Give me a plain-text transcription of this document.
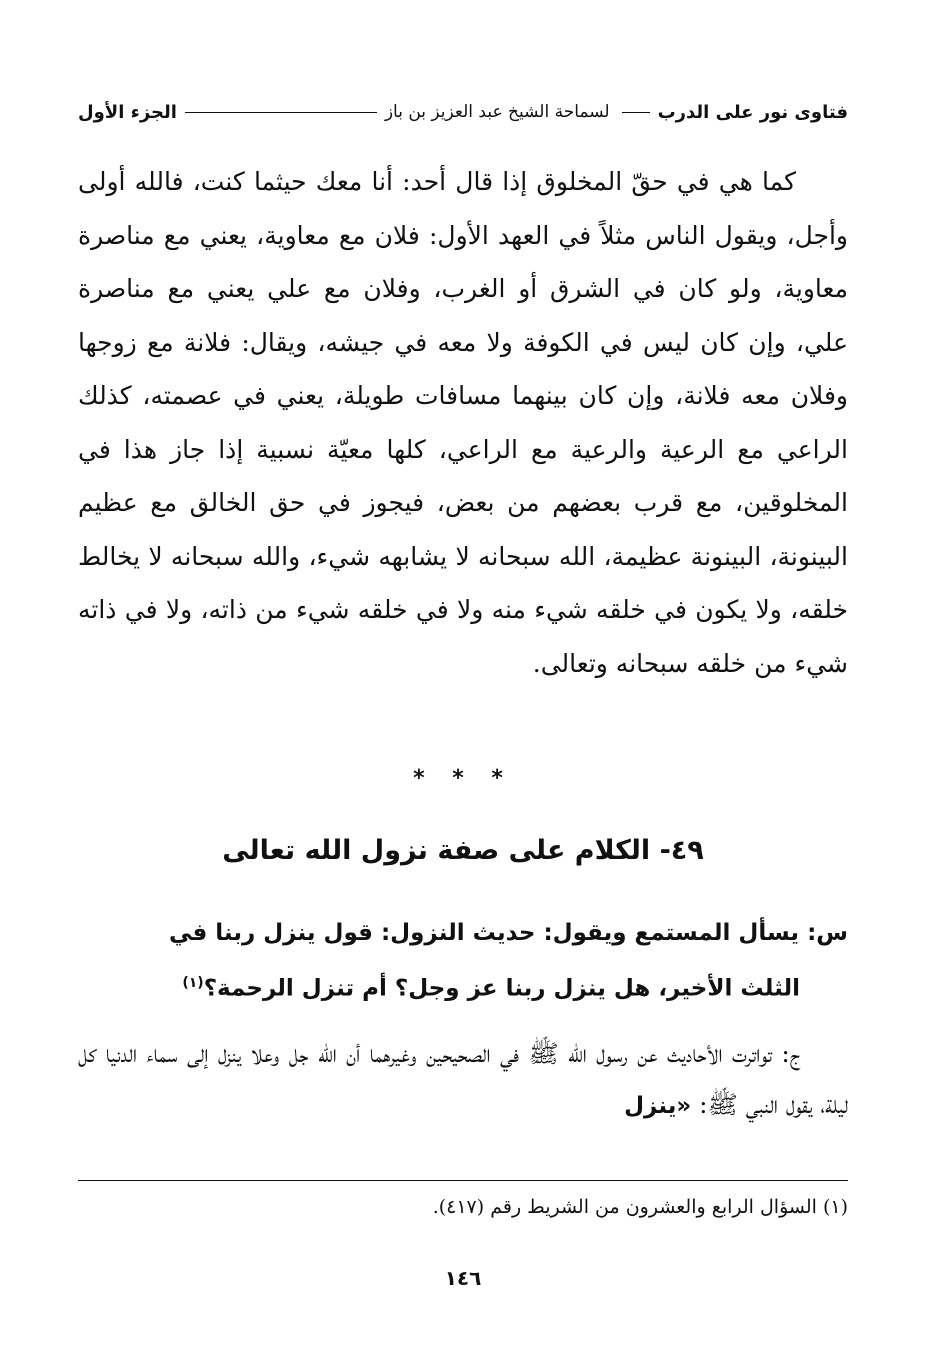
فتاوى نور على الدرب
لسماحة الشيخ عبد العزيز بن باز
الجزء الأول

كما هي في حقّ المخلوق إذا قال أحد: أنا معك حيثما كنت، فالله أولى وأجل، ويقول الناس مثلاً في العهد الأول: فلان مع معاوية، يعني مع مناصرة معاوية، ولو كان في الشرق أو الغرب، وفلان مع علي يعني مع مناصرة علي، وإن كان ليس في الكوفة ولا معه في جيشه، ويقال: فلانة مع زوجها وفلان معه فلانة، وإن كان بينهما مسافات طويلة، يعني في عصمته، كذلك الراعي مع الرعية والرعية مع الراعي، كلها معيّة نسبية إذا جاز هذا في المخلوقين، مع قرب بعضهم من بعض، فيجوز في حق الخالق مع عظيم البينونة، البينونة عظيمة، الله سبحانه لا يشابهه شيء، والله سبحانه لا يخالط خلقه، ولا يكون في خلقه شيء منه ولا في خلقه شيء من ذاته، ولا في ذاته شيء من خلقه سبحانه وتعالى.

* * *
٤٩- الكلام على صفة نزول الله تعالى
س: يسأل المستمع ويقول: حديث النزول: قول ينزل ربنا في
الثلث الأخير، هل ينزل ربنا عز وجل؟ أم تنزل الرحمة؟$^{(١)}$

ج: تواترت الأحاديث عن رسول الله ﷺ في الصحيحين وغيرهما أن الله جل وعلا ينزل إلى سماء الدنيا كل ليلة، يقول النبي ﷺ: «ينزل

(١) السؤال الرابع والعشرون من الشريط رقم (٤١٧).
١٤٦
